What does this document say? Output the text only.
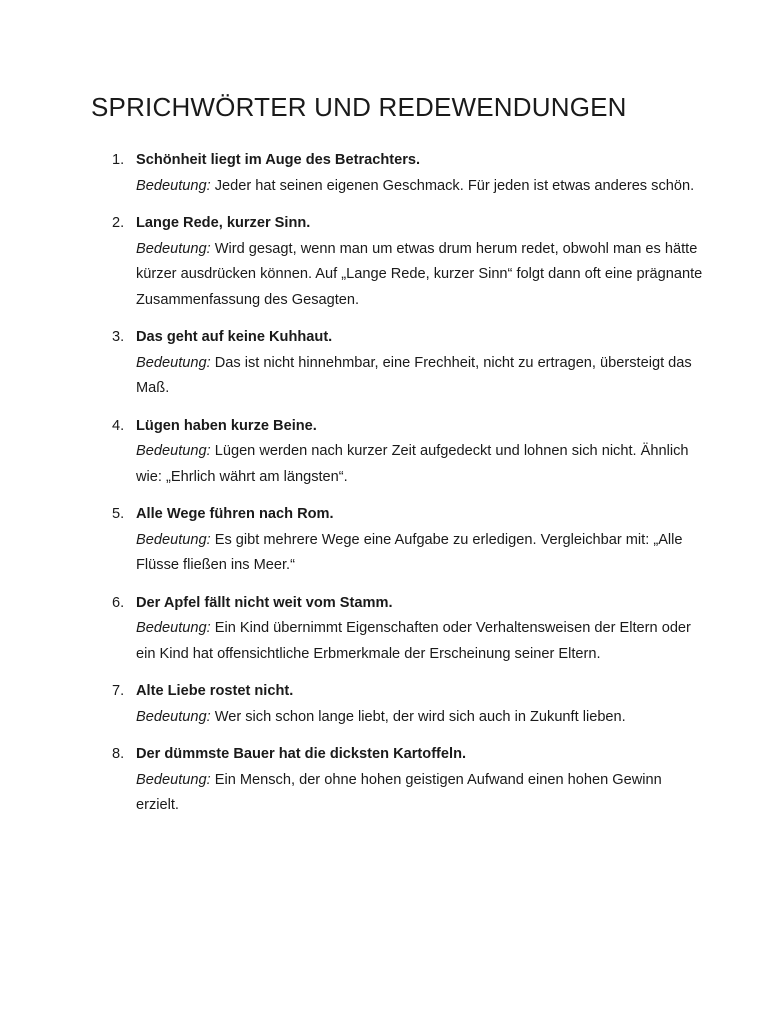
SPRICHWÖRTER UND REDEWENDUNGEN
1. Schönheit liegt im Auge des Betrachters.
Bedeutung: Jeder hat seinen eigenen Geschmack. Für jeden ist etwas anderes schön.
2. Lange Rede, kurzer Sinn.
Bedeutung: Wird gesagt, wenn man um etwas drum herum redet, obwohl man es hätte kürzer ausdrücken können. Auf „Lange Rede, kurzer Sinn“ folgt dann oft eine prägnante Zusammenfassung des Gesagten.
3. Das geht auf keine Kuhhaut.
Bedeutung: Das ist nicht hinnehmbar, eine Frechheit, nicht zu ertragen, übersteigt das Maß.
4. Lügen haben kurze Beine.
Bedeutung: Lügen werden nach kurzer Zeit aufgedeckt und lohnen sich nicht. Ähnlich wie: „Ehrlich währt am längsten“.
5. Alle Wege führen nach Rom.
Bedeutung: Es gibt mehrere Wege eine Aufgabe zu erledigen. Vergleichbar mit: „Alle Flüsse fließen ins Meer.“
6. Der Apfel fällt nicht weit vom Stamm.
Bedeutung: Ein Kind übernimmt Eigenschaften oder Verhaltensweisen der Eltern oder ein Kind hat offensichtliche Erbmerkmale der Erscheinung seiner Eltern.
7. Alte Liebe rostet nicht.
Bedeutung: Wer sich schon lange liebt, der wird sich auch in Zukunft lieben.
8. Der dümmste Bauer hat die dicksten Kartoffeln.
Bedeutung: Ein Mensch, der ohne hohen geistigen Aufwand einen hohen Gewinn erzielt.
